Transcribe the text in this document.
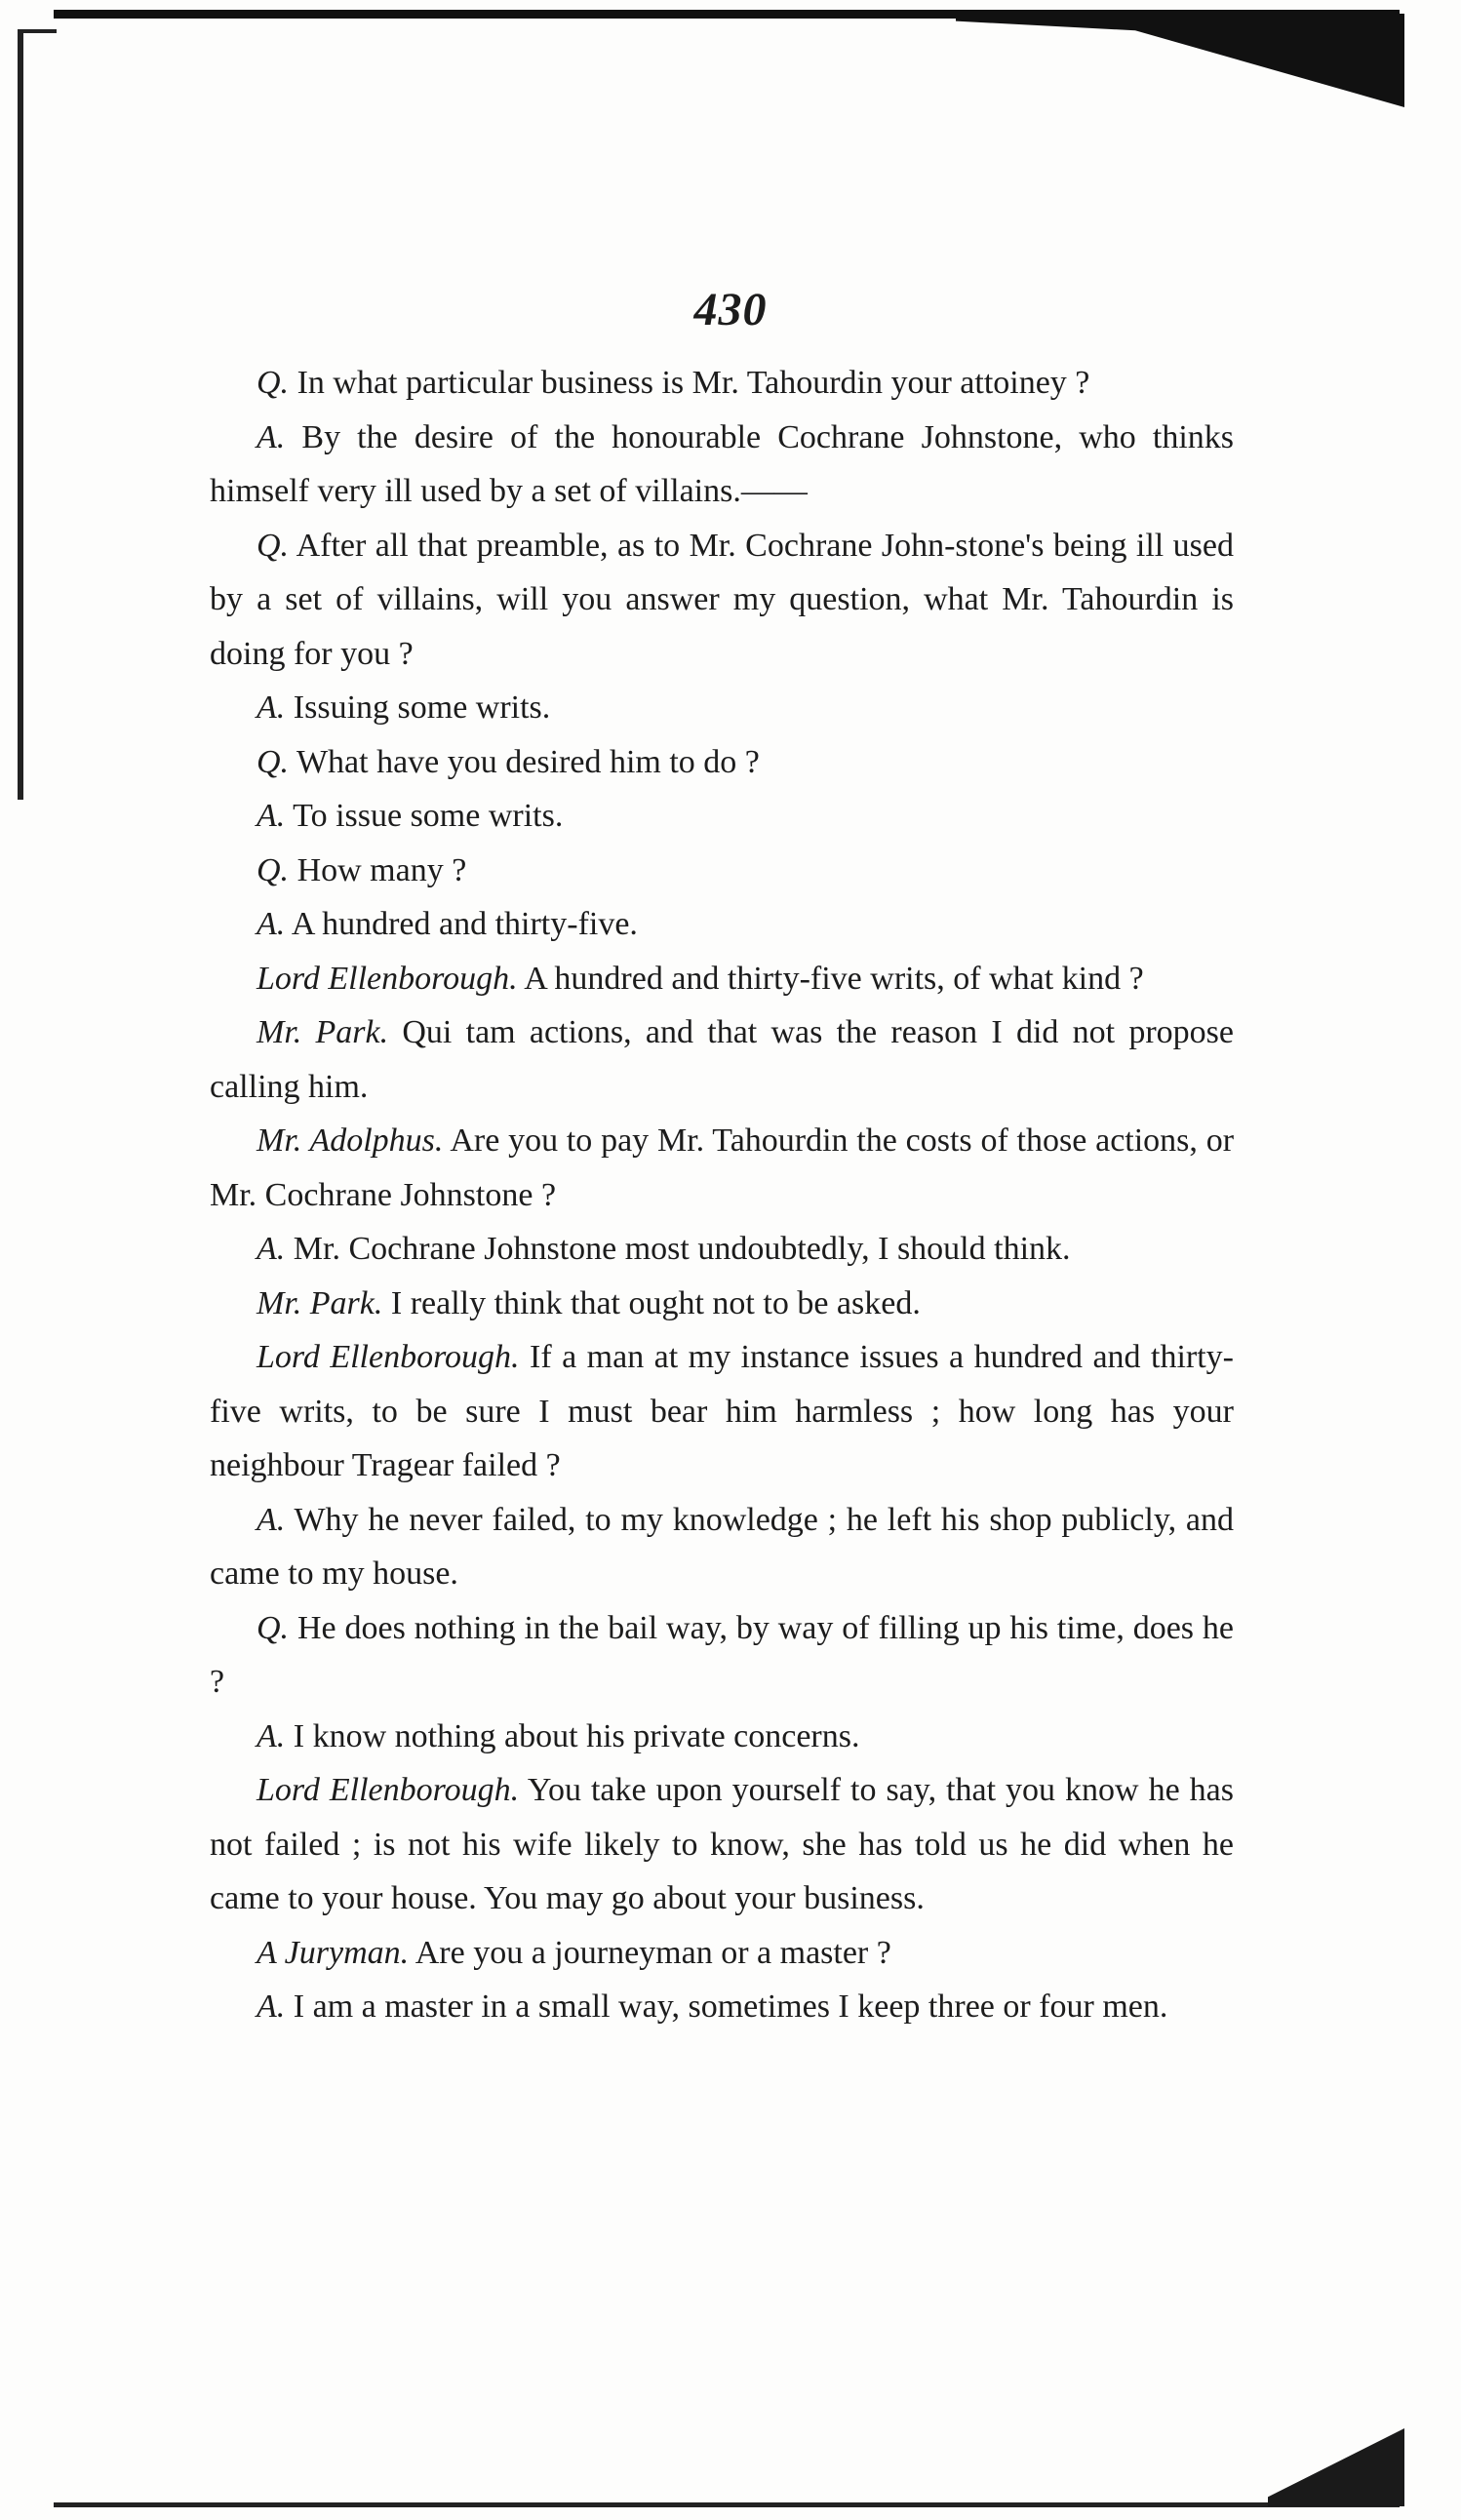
430

Q. In what particular business is Mr. Tahourdin your attoiney ?

A. By the desire of the honourable Cochrane Johnstone, who thinks himself very ill used by a set of villains.——

Q. After all that preamble, as to Mr. Cochrane John-stone's being ill used by a set of villains, will you answer my question, what Mr. Tahourdin is doing for you ?

A. Issuing some writs.

Q. What have you desired him to do ?

A. To issue some writs.

Q. How many ?

A. A hundred and thirty-five.

Lord Ellenborough. A hundred and thirty-five writs, of what kind ?

Mr. Park. Qui tam actions, and that was the reason I did not propose calling him.

Mr. Adolphus. Are you to pay Mr. Tahourdin the costs of those actions, or Mr. Cochrane Johnstone ?

A. Mr. Cochrane Johnstone most undoubtedly, I should think.

Mr. Park. I really think that ought not to be asked.

Lord Ellenborough. If a man at my instance issues a hundred and thirty-five writs, to be sure I must bear him harmless ; how long has your neighbour Tragear failed ?

A. Why he never failed, to my knowledge ; he left his shop publicly, and came to my house.

Q. He does nothing in the bail way, by way of filling up his time, does he ?

A. I know nothing about his private concerns.

Lord Ellenborough. You take upon yourself to say, that you know he has not failed ; is not his wife likely to know, she has told us he did when he came to your house. You may go about your business.

A Juryman. Are you a journeyman or a master ?

A. I am a master in a small way, sometimes I keep three or four men.
